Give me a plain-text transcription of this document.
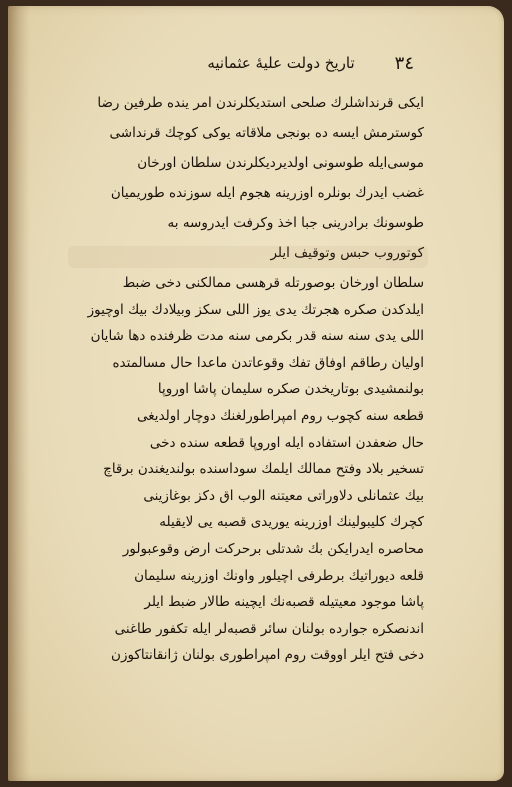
٣٤
تاریخ دولت علیهٔ عثمانیه
ایکی قرنداشلرك صلحی استدیکلرندن امر ینده طرفین رضا
کوسترمش ایسه ده بونجی ملاقاته یوکی کوچك قرنداشی
موسی‌ایله طوسونی اولدیردیکلرندن سلطان اورخان
غضب ایدرك بونلره اوزرینه هجوم ایله سوزنده طوریمیان
طوسونك برادرینی جبا اخذ وکرفت ایدروسه به
کوتوروب حبس وتوقیف ایلر
سلطان اورخان بوصورتله قرهسی ممالکنی دخی ضبط
ایلدکدن صکره هجرتك یدی یوز اللی سکز وبیلادك بیك اوچیوز
اللی یدی سنه سنه قدر بکرمی سنه مدت ظرفنده دها شایان
اولیان رطاقم اوفاق تفك وقوعاتدن ماعدا حال مسالمتده
بولنمشیدی بوتاریخدن صکره سلیمان پاشا اوروپا
قطعه سنه کچوب روم امپراطورلغنك دوچار اولدیغی
حال ضعفدن استفاده ایله اوروپا قطعه سنده دخی
تسخیر بلاد وفتح ممالك ایلمك سوداسنده بولندیغندن برقاچ
بیك عثمانلی دلاوراتی معیتنه الوب اق دکز بوغازینی
کچرك کلیبولینك اوزرینه یوریدی قصبه یی لایقیله
محاصره ایدرایکن بك شدتلی برحرکت ارض وقوعبولور
قلعه دیوراتیك برطرفی اچیلور واونك اوزرینه سلیمان
پاشا موجود معیتیله قصبه‌نك ایچینه طالار ضبط ایلر
اندنصکره جوارده بولنان سائر قصبه‌لر ایله تکفور طاغنی
دخی فتح ایلر اووقت روم امپراطوری بولنان ژانقانتاکوزن
